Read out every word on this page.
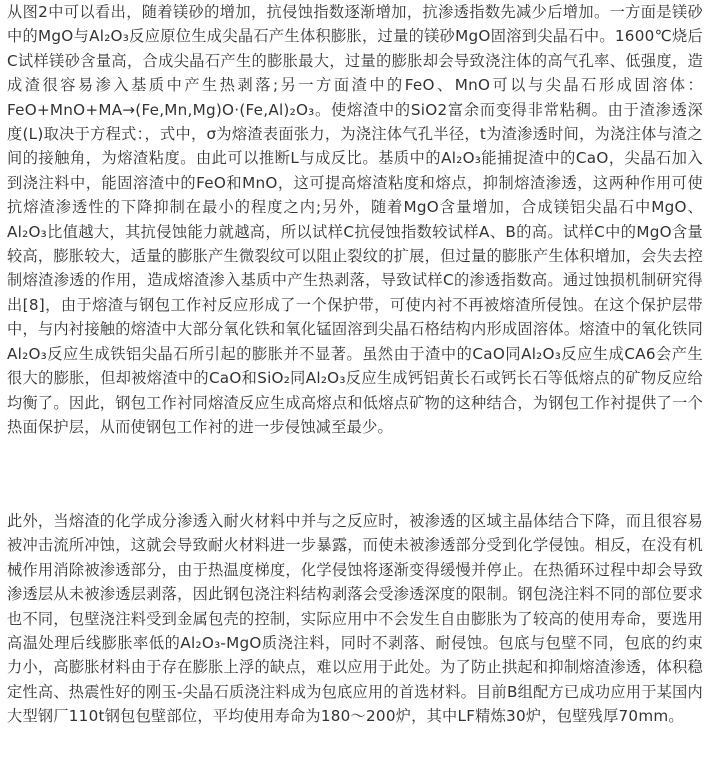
从图2中可以看出，随着镁砂的增加，抗侵蚀指数逐渐增加，抗渗透指数先减少后增加。一方面是镁砂中的MgO与Al₂O₃反应原位生成尖晶石产生体积膨胀，过量的镁砂MgO固溶到尖晶石中。1600℃烧后C试样镁砂含量高，合成尖晶石产生的膨胀最大，过量的膨胀却会导致浇注体的高气孔率、低强度，造成渣很容易渗入基质中产生热剥落;另一方面渣中的FeO、MnO可以与尖晶石形成固溶体：FeO+MnO+MA→(Fe,Mn,Mg)O·(Fe,Al)₂O₃。使熔渣中的SiO2富余而变得非常粘稠。由于渣渗透深度(L)取决于方程式：，式中，σ为熔渣表面张力，为浇注体气孔半径，t为渣渗透时间，为浇注体与渣之间的接触角，为熔渣粘度。由此可以推断L与成反比。基质中的Al₂O₃能捕捉渣中的CaO，尖晶石加入到浇注料中，能固溶渣中的FeO和MnO，这可提高熔渣粘度和熔点，抑制熔渣渗透，这两种作用可使抗熔渣渗透性的下降抑制在最小的程度之内;另外，随着MgO含量增加，合成镁铝尖晶石中MgO、Al₂O₃比值越大，其抗侵蚀能力就越高，所以试样C抗侵蚀指数较试样A、B的高。试样C中的MgO含量较高，膨胀较大，适量的膨胀产生微裂纹可以阻止裂纹的扩展，但过量的膨胀产生体积增加，会失去控制熔渣渗透的作用，造成熔渣渗入基质中产生热剥落，导致试样C的渗透指数高。通过蚀损机制研究得出[8]，由于熔渣与钢包工作衬反应形成了一个保护带，可使内衬不再被熔渣所侵蚀。在这个保护层带中，与内衬接触的熔渣中大部分氧化铁和氧化锰固溶到尖晶石格结构内形成固溶体。熔渣中的氧化铁同Al₂O₃反应生成铁铝尖晶石所引起的膨胀并不显著。虽然由于渣中的CaO同Al₂O₃反应生成CA6会产生很大的膨胀，但却被熔渣中的CaO和SiO₂同Al₂O₃反应生成钙铝黄长石或钙长石等低熔点的矿物反应给均衡了。因此，钢包工作衬同熔渣反应生成高熔点和低熔点矿物的这种结合，为钢包工作衬提供了一个热面保护层，从而使钢包工作衬的进一步侵蚀减至最少。

此外，当熔渣的化学成分渗透入耐火材料中并与之反应时，被渗透的区域主晶体结合下降，而且很容易被冲击流所冲蚀，这就会导致耐火材料进一步暴露，而使未被渗透部分受到化学侵蚀。相反，在没有机械作用消除被渗透部分，由于热温度梯度，化学侵蚀将逐渐变得缓慢并停止。在热循环过程中却会导致渗透层从未被渗透层剥落，因此钢包浇注料结构剥落会受渗透深度的限制。钢包浇注料不同的部位要求也不同，包壁浇注料受到金属包壳的控制，实际应用中不会发生自由膨胀为了较高的使用寿命，要选用高温处理后线膨胀率低的Al₂O₃-MgO质浇注料，同时不剥落、耐侵蚀。包底与包壁不同，包底的约束力小，高膨胀材料由于存在膨胀上浮的缺点，难以应用于此处。为了防止拱起和抑制熔渣渗透，体积稳定性高、热震性好的刚玉-尖晶石质浇注料成为包底应用的首选材料。目前B组配方已成功应用于某国内大型钢厂110t钢包包壁部位，平均使用寿命为180～200炉，其中LF精炼30炉，包壁残厚70mm。
